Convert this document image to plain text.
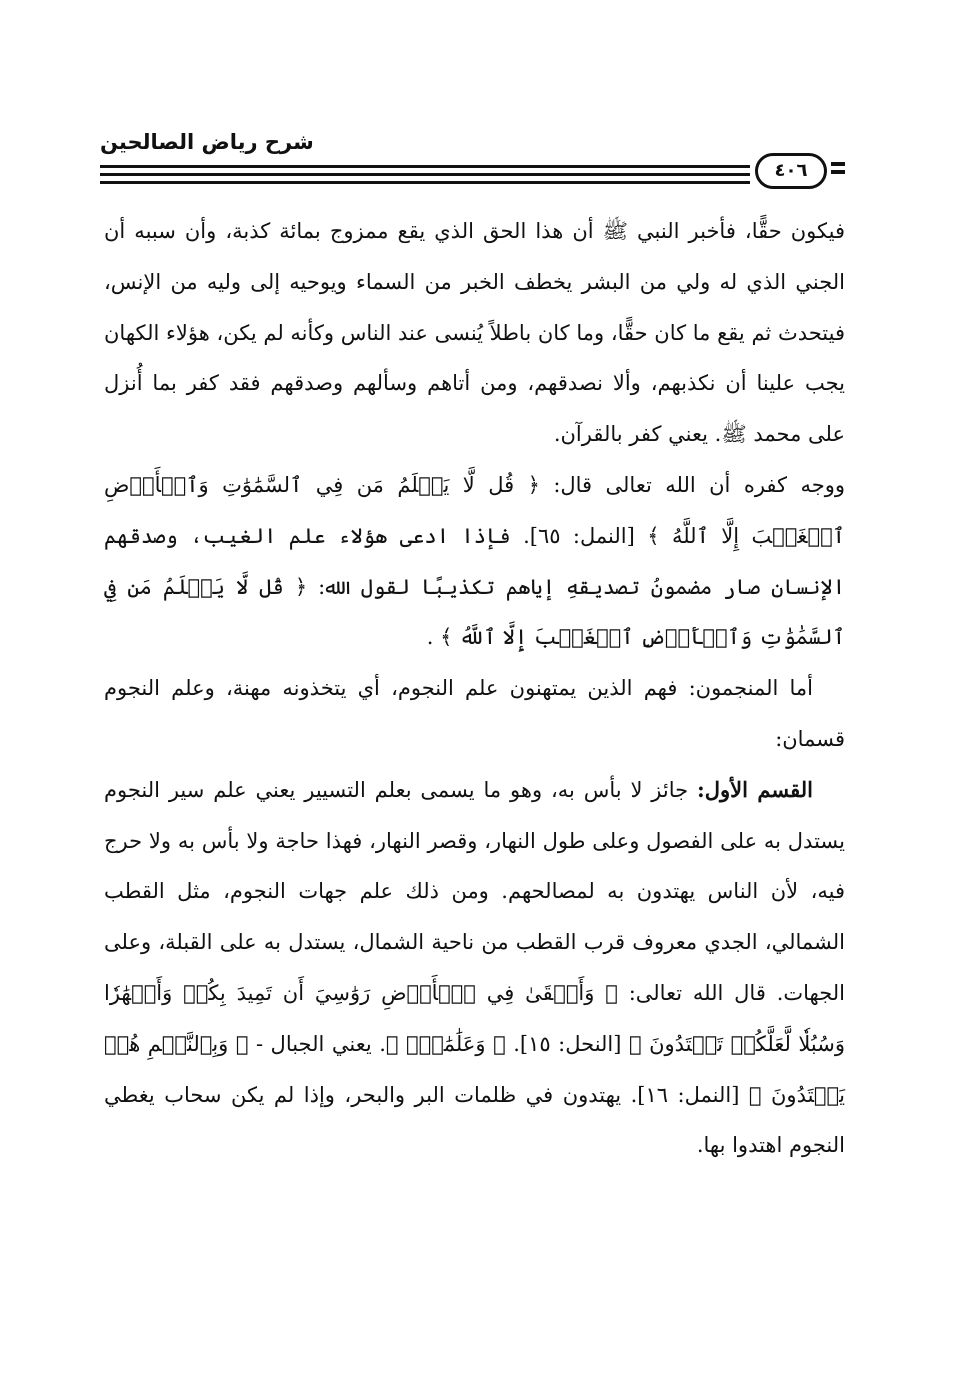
شرح رياض الصالحين
٤٠٦

فيكون حقًّا، فأخبر النبي ﷺ أن هذا الحق الذي يقع ممزوج بمائة كذبة، وأن سببه أن الجني الذي له ولي من البشر يخطف الخبر من السماء ويوحيه إلى وليه من الإنس، فيتحدث ثم يقع ما كان حقًّا، وما كان باطلاً يُنسى عند الناس وكأنه لم يكن، هؤلاء الكهان يجب علينا أن نكذبهم، وألا نصدقهم، ومن أتاهم وسألهم وصدقهم فقد كفر بما أُنزل على محمد ﷺ. يعني كفر بالقرآن.

ووجه كفره أن الله تعالى قال: ﴿ قُل لَّا يَعۡلَمُ مَن فِي ٱلسَّمَٰوَٰتِ وَٱلۡأَرۡضِ ٱلۡغَيۡبَ إِلَّا ٱللَّهُ ﴾ [النمل: ٦٥]. فإذا ادعى هؤلاء علم الغيب، وصدقهم الإنسان صار مضمونُ تصديقهِ إياهم تكذيبًا لقول الله: ﴿ قُل لَّا يَعۡلَمُ مَن فِي ٱلسَّمَٰوَٰتِ وَٱلۡأَرۡضِ ٱلۡغَيۡبَ إِلَّا ٱللَّهُ ﴾ .

أما المنجمون: فهم الذين يمتهنون علم النجوم، أي يتخذونه مهنة، وعلم النجوم قسمان:

القسم الأول: جائز لا بأس به، وهو ما يسمى بعلم التسيير يعني علم سير النجوم يستدل به على الفصول وعلى طول النهار، وقصر النهار، فهذا حاجة ولا بأس به ولا حرج فيه، لأن الناس يهتدون به لمصالحهم. ومن ذلك علم جهات النجوم، مثل القطب الشمالي، الجدي معروف قرب القطب من ناحية الشمال، يستدل به على القبلة، وعلى الجهات. قال الله تعالى: ﴿ وَأَلۡقَىٰ فِي ٱلۡأَرۡضِ رَوَٰسِيَ أَن تَمِيدَ بِكُمۡ وَأَنۡهَٰرٗا وَسُبُلٗا لَّعَلَّكُمۡ تَهۡتَدُونَ ﴾ [النحل: ١٥]. ﴿ وَعَلَٰمَٰتٖۚ ﴾. يعني الجبال - ﴿ وَبِٱلنَّجۡمِ هُمۡ يَهۡتَدُونَ ﴾ [النمل: ١٦]. يهتدون في ظلمات البر والبحر، وإذا لم يكن سحاب يغطي النجوم اهتدوا بها.
